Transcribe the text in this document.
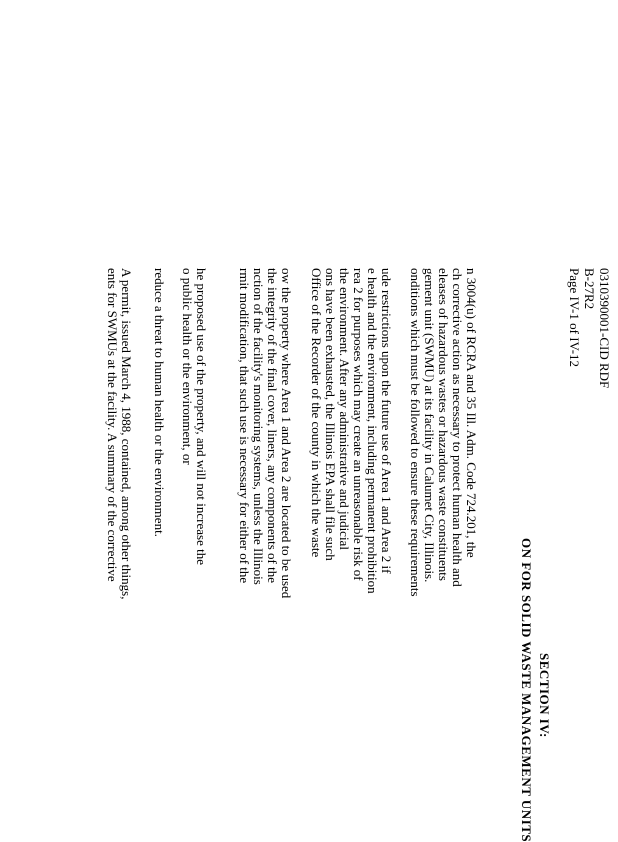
0310390001-CID RDF
B-27R2
Page IV-1 of IV-12
SECTION IV:
ON FOR SOLID WASTE MANAGEMENT UNITS
n 3004(u) of RCRA and 35 Ill. Adm. Code 724.201, the
ch corrective action as necessary to protect human health and
eleases of hazardous wastes or hazardous waste constituents
gement unit (SWMU) at its facility in Calumet City, Illinois.
onditions which must be followed to ensure these requirements
ude restrictions upon the future use of Area 1 and Area 2 if
e health and the environment, including permanent prohibition
rea 2 for purposes which may create an unreasonable risk of
the environment. After any administrative and judicial
ons have been exhausted, the Illinois EPA shall file such
Office of the Recorder of the county in which the waste
ow the property where Area 1 and Area 2 are located to be used
the integrity of the final cover, liners, any components of the
nction of the facility's monitoring systems, unless the Illinois
rmit modification, that such use is necessary for either of the
he proposed use of the property, and will not increase the
o public health or the environment, or
reduce a threat to human health or the environment.
A permit, issued March 4, 1988, contained, among other things,
ents for SWMUs at the facility. A summary of the corrective
